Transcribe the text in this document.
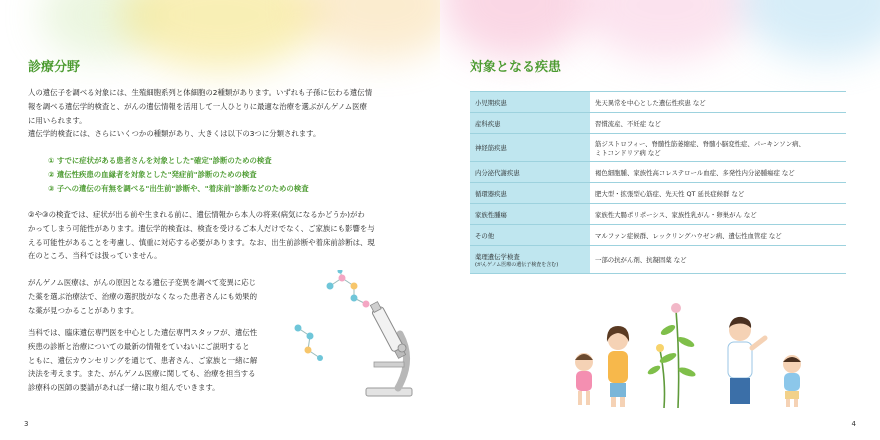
診療分野

人の遺伝子を調べる対象には、生殖細胞系列と体細胞の2種類があります。いずれも子孫に伝わる遺伝情

報を調べる遺伝学的検査と、がんの遺伝情報を活用して一人ひとりに最適な治療を選ぶがんゲノム医療

に用いられます。

遺伝学的検査には、さらにいくつかの種類があり、大きくは以下の3つに分類されます。

① すでに症状がある患者さんを対象とした"確定"診断のための検査

② 遺伝性疾患の血縁者を対象とした"発症前"診断のための検査

③ 子への遺伝の有無を調べる"出生前"診断や、"着床前"診断などのための検査

②や③の検査では、症状が出る前や生まれる前に、遺伝情報から本人の将来(病気になるかどうか)がわ

かってしまう可能性があります。遺伝学的検査は、検査を受けるご本人だけでなく、ご家族にも影響を与

える可能性があることを考慮し、慎重に対応する必要があります。なお、出生前診断や着床前診断は、現

在のところ、当科では扱っていません。

がんゲノム医療は、がんの原因となる遺伝子変異を調べて変異に応じ

た薬を選ぶ治療法で、治療の選択肢がなくなった患者さんにも効果的

な薬が見つかることがあります。

当科では、臨床遺伝専門医を中心とした遺伝専門スタッフが、遺伝性

疾患の診断と治療についての最新の情報をていねいにご説明すると

ともに、遺伝カウンセリングを通じて、患者さん、ご家族と一緒に解

決法を考えます。また、がんゲノム医療に関しても、治療を担当する

診療科の医師の要請があれば一緒に取り組んでいきます。

3
対象となる疾患
小児期疾患	先天異常を中心とした遺伝性疾患 など
産科疾患	習慣流産、不妊症 など
神経筋疾患	筋ジストロフィー、脊髄性筋萎縮症、脊髄小脳変性症、パーキンソン病、
ミトコンドリア病 など
内分泌代謝疾患	褐色細胞腫、家族性高コレステロール血症、多発性内分泌腫瘍症 など
循環器疾患	肥大型・拡張型心筋症、先天性 QT 延長症候群 など
家族性腫瘍	家族性大腸ポリポーシス、家族性乳がん・卵巣がん など
その他	マルファン症候群、レックリングハウゼン病、遺伝性血管症 など
薬理遺伝学検査
(がんゲノム医療の遺伝子検査を含む)	一部の抗がん剤、抗凝固薬 など
4
